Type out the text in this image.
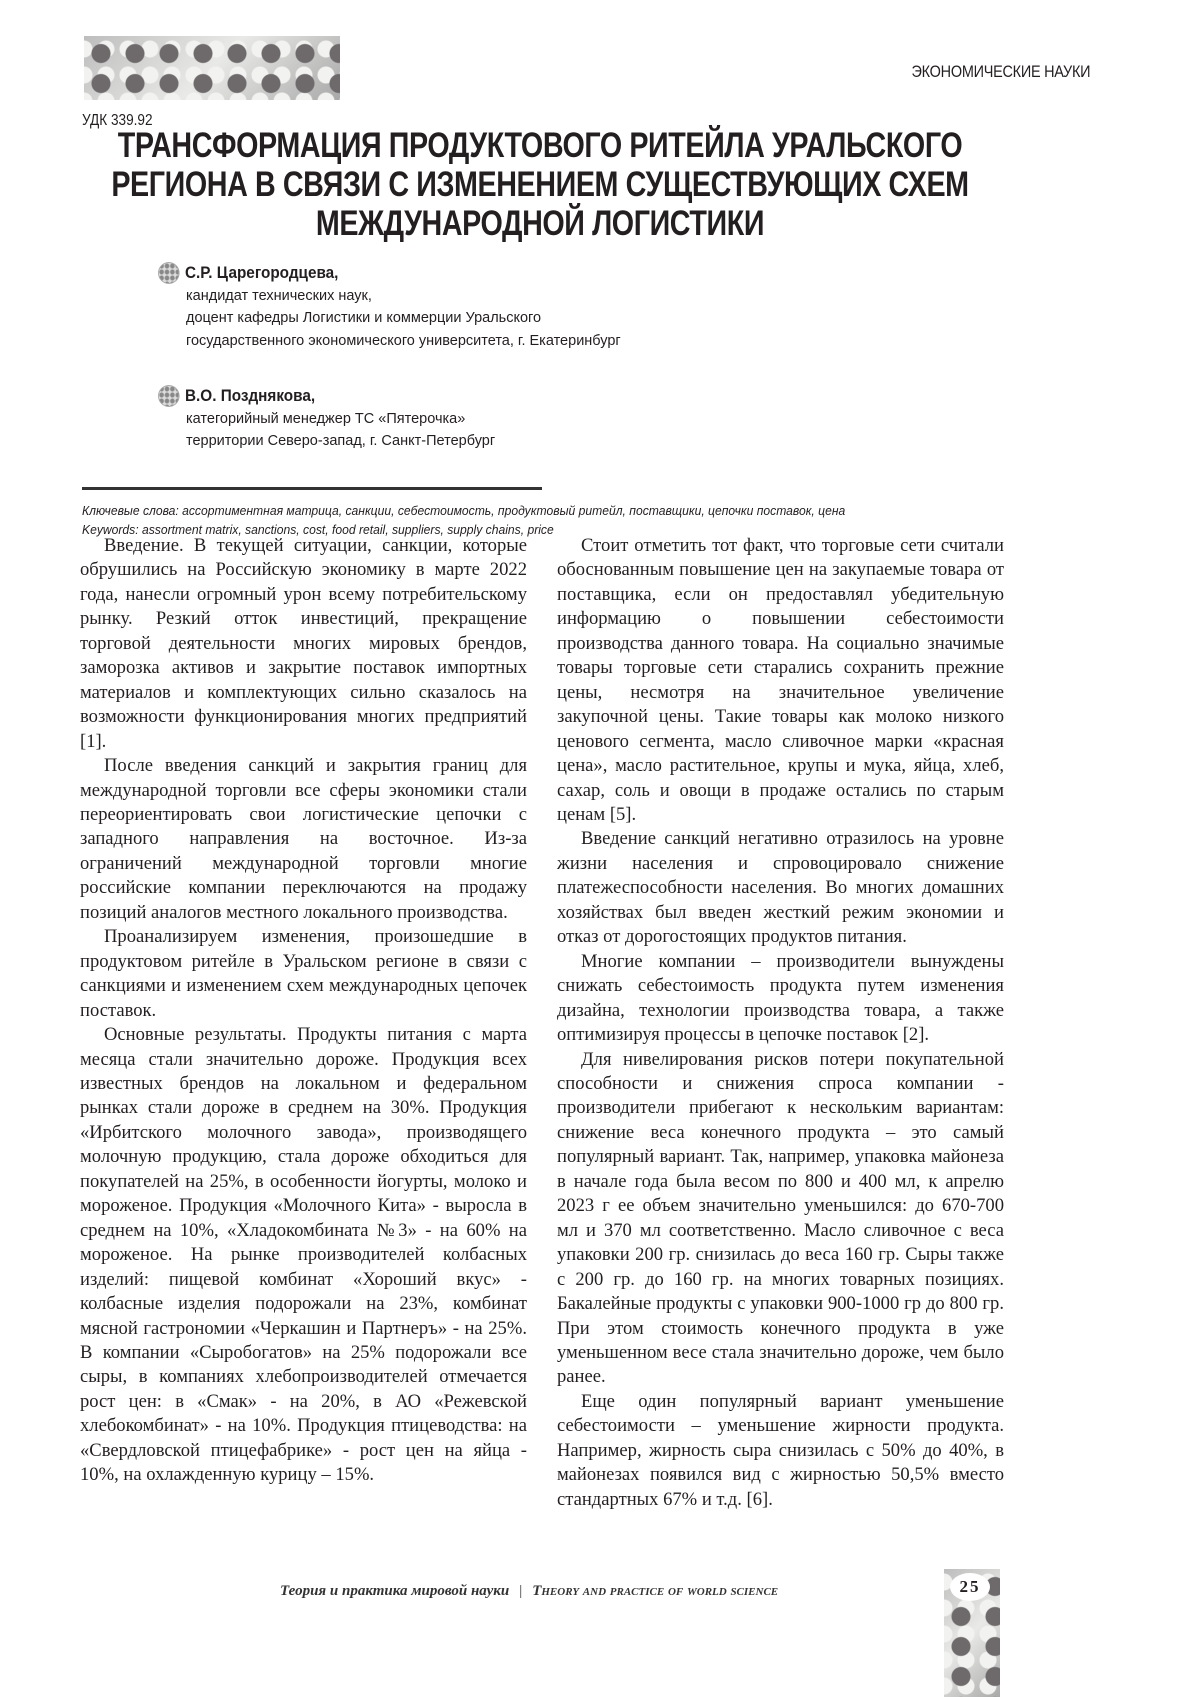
ЭКОНОМИЧЕСКИЕ НАУКИ
УДК 339.92
ТРАНСФОРМАЦИЯ ПРОДУКТОВОГО РИТЕЙЛА УРАЛЬСКОГО
РЕГИОНА В СВЯЗИ С ИЗМЕНЕНИЕМ СУЩЕСТВУЮЩИХ СХЕМ
МЕЖДУНАРОДНОЙ ЛОГИСТИКИ
С.Р. Царегородцева,
кандидат технических наук,
доцент кафедры Логистики и коммерции Уральского
государственного экономического университета, г. Екатеринбург
В.О. Позднякова,
категорийный менеджер ТС «Пятерочка»
территории Северо-запад, г. Санкт-Петербург
Ключевые слова: ассортиментная матрица, санкции, себестоимость, продуктовый ритейл, поставщики, цепочки поставок, цена
Keywords: assortment matrix, sanctions, cost, food retail, suppliers, supply chains, price

Введение. В текущей ситуации, санкции, которые обрушились на Российскую экономику в марте 2022 года, нанесли огромный урон всему потребительскому рынку. Резкий отток инвестиций, прекращение торговой деятельности многих мировых брендов, заморозка активов и закрытие поставок импортных материалов и комплектующих сильно сказалось на возможности функционирования многих предприятий [1].

После введения санкций и закрытия границ для международной торговли все сферы экономики стали переориентировать свои логистические цепочки с западного направления на восточное. Из-за ограничений международной торговли многие российские компании переключаются на продажу позиций аналогов местного локального производства.

Проанализируем изменения, произошедшие в продуктовом ритейле в Уральском регионе в связи с санкциями и изменением схем международных цепочек поставок.

Основные результаты. Продукты питания с марта месяца стали значительно дороже. Продукция всех известных брендов на локальном и федеральном рынках стали дороже в среднем на 30%. Продукция «Ирбитского молочного завода», производящего молочную продукцию, стала дороже обходиться для покупателей на 25%, в особенности йогурты, молоко и мороженое. Продукция «Молочного Кита» - выросла в среднем на 10%, «Хладокомбината №3» - на 60% на мороженое. На рынке производителей колбасных изделий: пищевой комбинат «Хороший вкус» - колбасные изделия подорожали на 23%, комбинат мясной гастрономии «Черкашин и Партнеръ» - на 25%. В компании «Сыробогатов» на 25% подорожали все сыры, в компаниях хлебопроизводителей отмечается рост цен: в «Смак» - на 20%, в АО «Режевской хлебокомбинат» - на 10%. Продукция птицеводства: на «Свердловской птицефабрике» - рост цен на яйца - 10%, на охлажденную курицу – 15%.

Стоит отметить тот факт, что торговые сети считали обоснованным повышение цен на закупаемые товара от поставщика, если он предоставлял убедительную информацию о повышении себестоимости производства данного товара. На социально значимые товары торговые сети старались сохранить прежние цены, несмотря на значительное увеличение закупочной цены. Такие товары как молоко низкого ценового сегмента, масло сливочное марки «красная цена», масло растительное, крупы и мука, яйца, хлеб, сахар, соль и овощи в продаже остались по старым ценам [5].

Введение санкций негативно отразилось на уровне жизни населения и спровоцировало снижение платежеспособности населения. Во многих домашних хозяйствах был введен жесткий режим экономии и отказ от дорогостоящих продуктов питания.

Многие компании – производители вынуждены снижать себестоимость продукта путем изменения дизайна, технологии производства товара, а также оптимизируя процессы в цепочке поставок [2].

Для нивелирования рисков потери покупательной способности и снижения спроса компании - производители прибегают к нескольким вариантам: снижение веса конечного продукта – это самый популярный вариант. Так, например, упаковка майонеза в начале года была весом по 800 и 400 мл, к апрелю 2023 г ее объем значительно уменьшился: до 670-700 мл и 370 мл соответственно. Масло сливочное с веса упаковки 200 гр. снизилась до веса 160 гр. Сыры также с 200 гр. до 160 гр. на многих товарных позициях. Бакалейные продукты с упаковки 900-1000 гр до 800 гр. При этом стоимость конечного продукта в уже уменьшенном весе стала значительно дороже, чем было ранее.

Еще один популярный вариант уменьшение себестоимости – уменьшение жирности продукта. Например, жирность сыра снизилась с 50% до 40%, в майонезах появился вид с жирностью 50,5% вместо стандартных 67% и т.д. [6].

Теория и практика мировой науки | Theory and practice of world science	25
